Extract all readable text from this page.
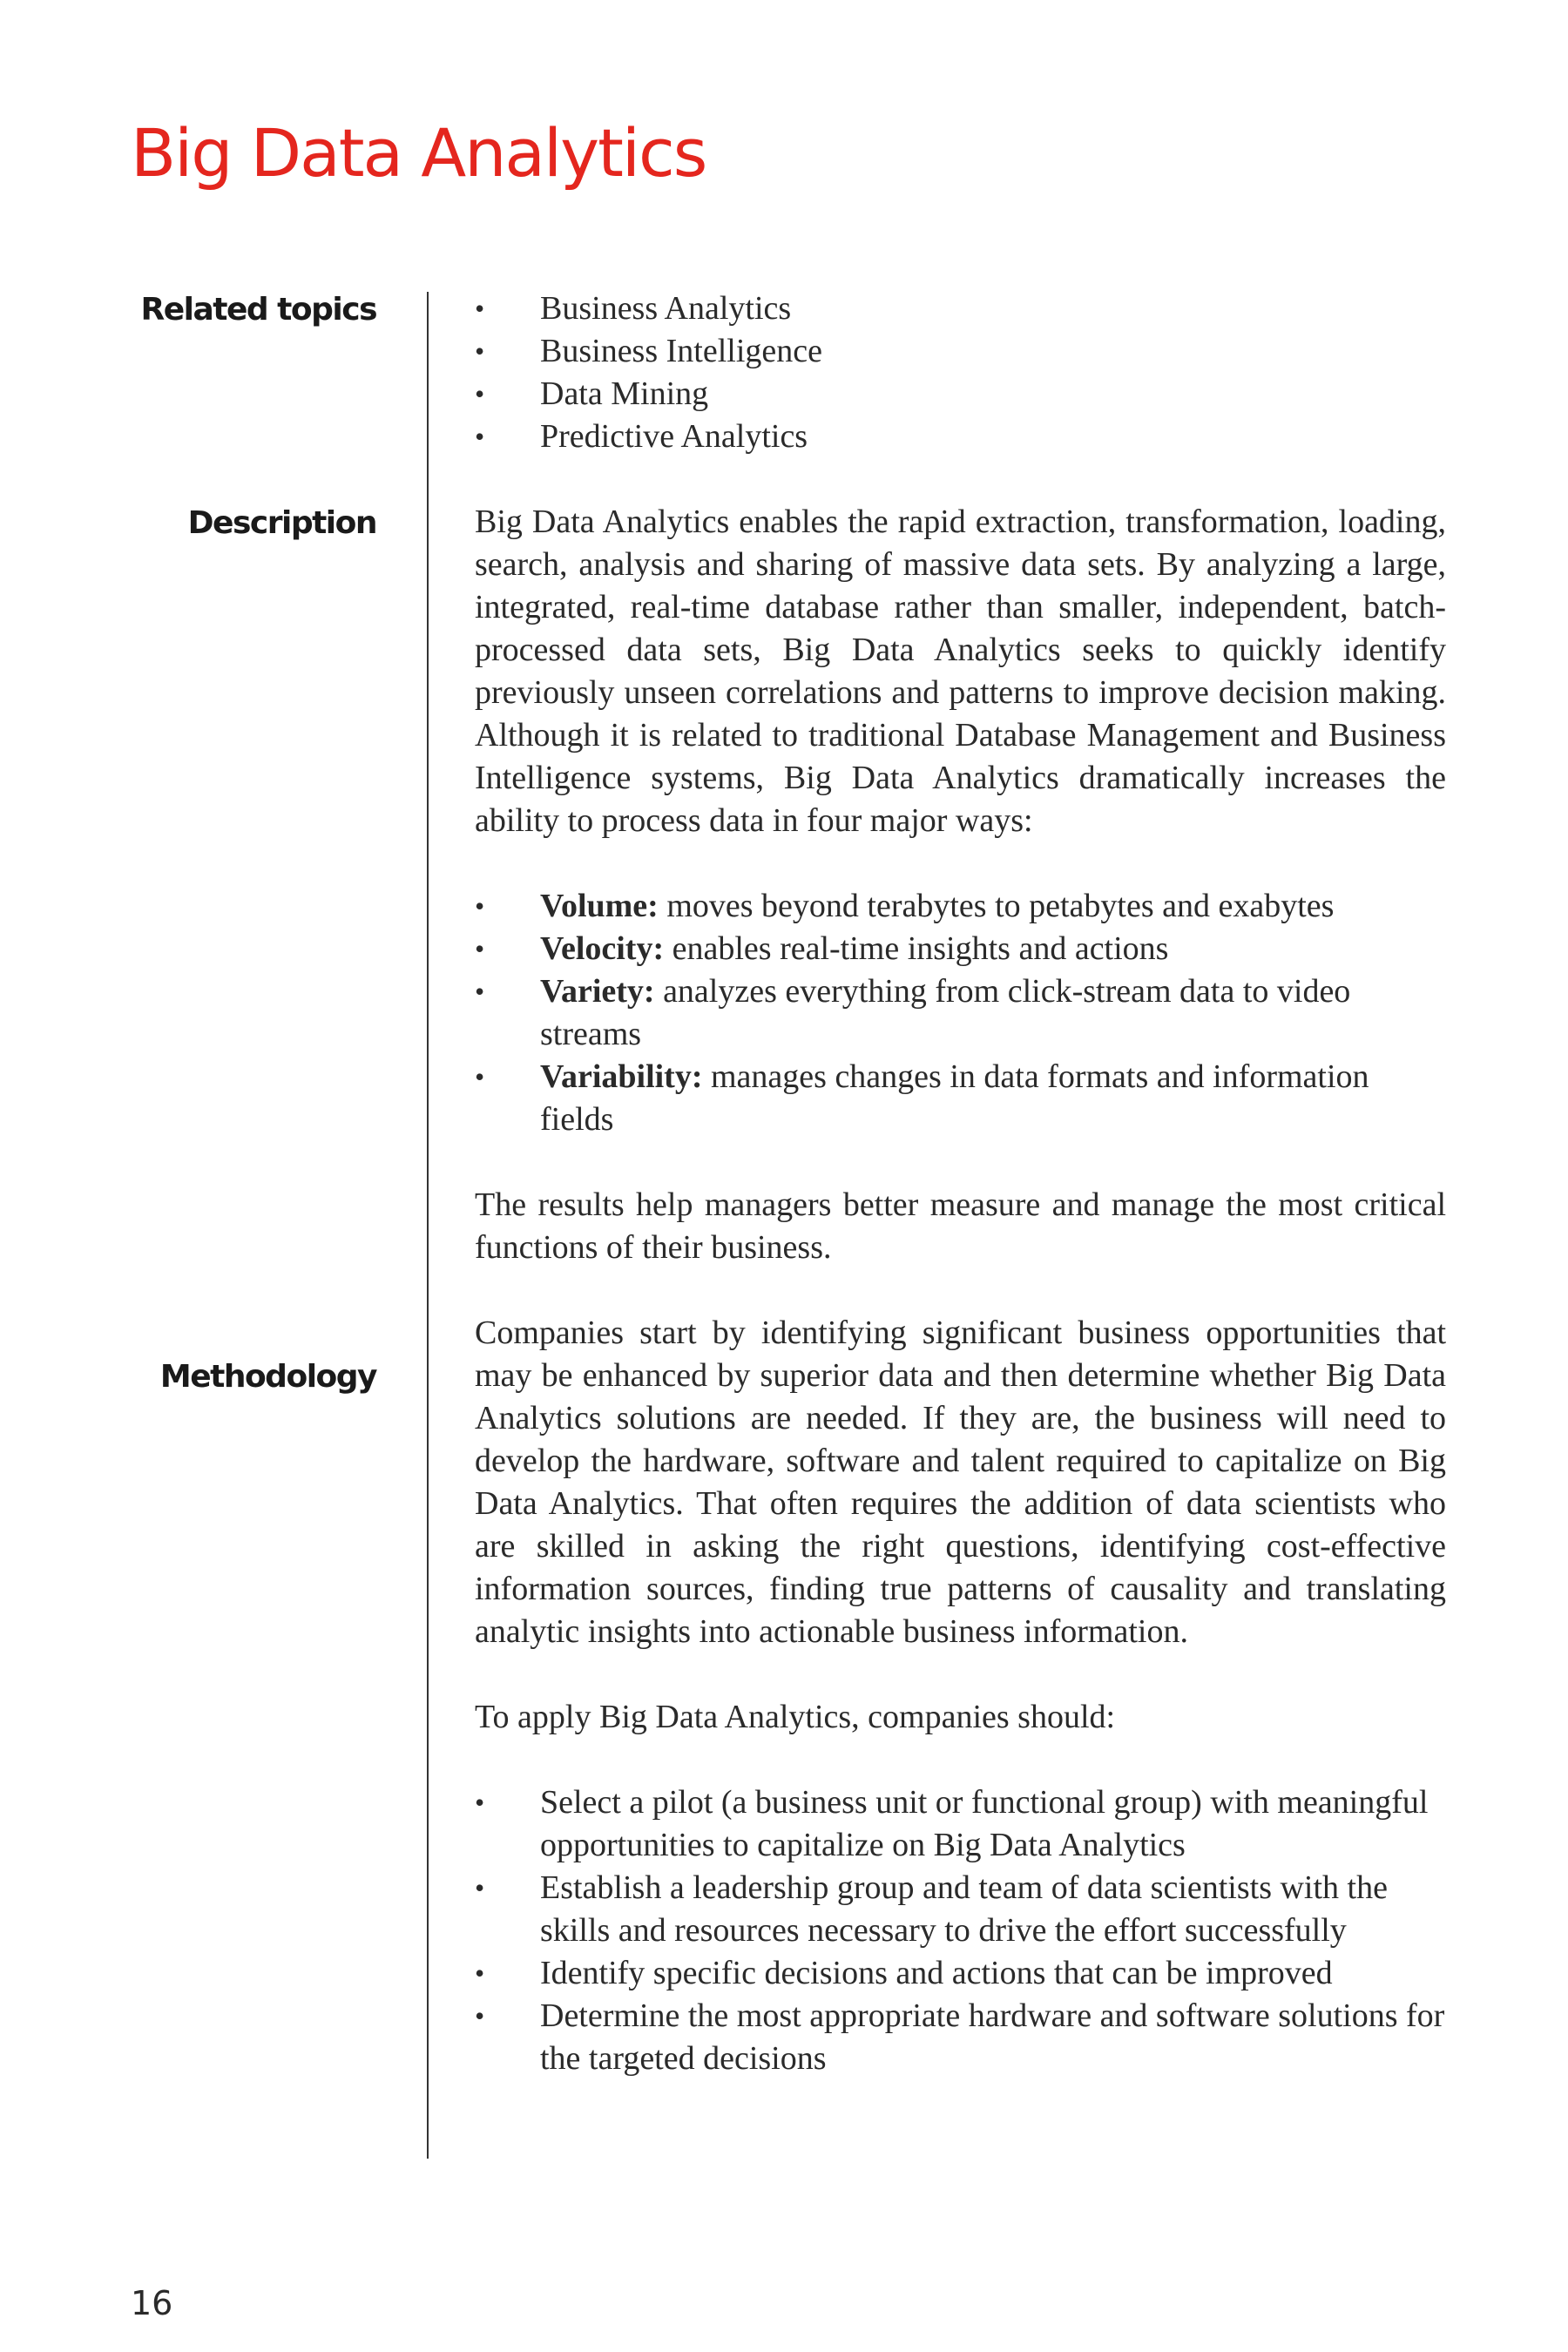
Big Data Analytics
Related topics
Description
Methodology
• Business Analytics
• Business Intelligence
• Data Mining
• Predictive Analytics

Big Data Analytics enables the rapid extraction, transformation, loading, search, analysis and sharing of massive data sets. By analyzing a large, integrated, real-time database rather than smaller, independent, batch-processed data sets, Big Data Analytics seeks to quickly identify previously unseen correlations and patterns to improve decision making. Although it is related to traditional Database Management and Business Intelligence systems, Big Data Analytics dramatically increases the ability to process data in four major ways:

• Volume: moves beyond terabytes to petabytes and exabytes
• Velocity: enables real-time insights and actions
• Variety: analyzes everything from click-stream data to video streams
• Variability: manages changes in data formats and information fields

The results help managers better measure and manage the most critical functions of their business.

Companies start by identifying significant business opportunities that may be enhanced by superior data and then determine whether Big Data Analytics solutions are needed. If they are, the business will need to develop the hardware, software and talent required to capitalize on Big Data Analytics. That often requires the addition of data scientists who are skilled in asking the right questions, identifying cost-effective information sources, finding true patterns of causality and translating analytic insights into actionable business information.

To apply Big Data Analytics, companies should:

• Select a pilot (a business unit or functional group) with meaningful opportunities to capitalize on Big Data Analytics
• Establish a leadership group and team of data scientists with the skills and resources necessary to drive the effort successfully
• Identify specific decisions and actions that can be improved
• Determine the most appropriate hardware and software solutions for the targeted decisions
16
